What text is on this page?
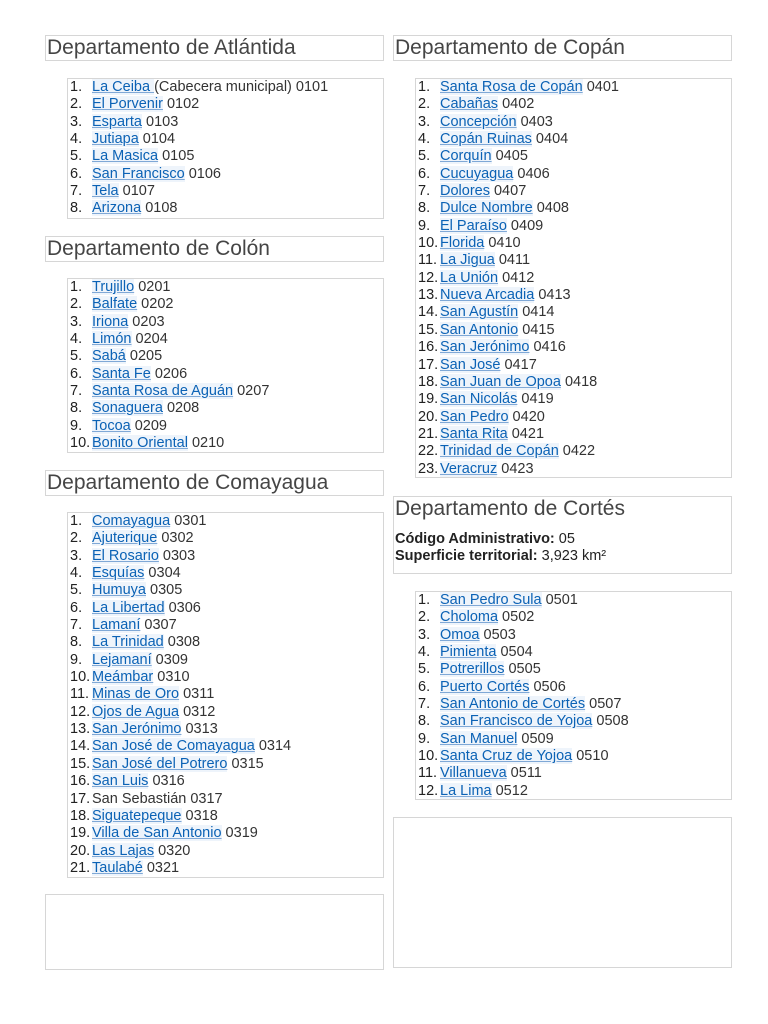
Departamento de Atlántida
1. La Ceiba (Cabecera municipal) 0101
2. El Porvenir 0102
3. Esparta 0103
4. Jutiapa 0104
5. La Masica 0105
6. San Francisco 0106
7. Tela 0107
8. Arizona 0108
Departamento de Colón
1. Trujillo 0201
2. Balfate 0202
3. Iriona 0203
4. Limón 0204
5. Sabá 0205
6. Santa Fe 0206
7. Santa Rosa de Aguán 0207
8. Sonaguera 0208
9. Tocoa 0209
10. Bonito Oriental 0210
Departamento de Comayagua
1. Comayagua 0301
2. Ajuterique 0302
3. El Rosario 0303
4. Esquías 0304
5. Humuya 0305
6. La Libertad 0306
7. Lamaní 0307
8. La Trinidad 0308
9. Lejamaní 0309
10. Meámbar 0310
11. Minas de Oro 0311
12. Ojos de Agua 0312
13. San Jerónimo 0313
14. San José de Comayagua 0314
15. San José del Potrero 0315
16. San Luis 0316
17. San Sebastián 0317
18. Siguatepeque 0318
19. Villa de San Antonio 0319
20. Las Lajas 0320
21. Taulabé 0321
Departamento de Copán
1. Santa Rosa de Copán 0401
2. Cabañas 0402
3. Concepción 0403
4. Copán Ruinas 0404
5. Corquín 0405
6. Cucuyagua 0406
7. Dolores 0407
8. Dulce Nombre 0408
9. El Paraíso 0409
10. Florida 0410
11. La Jigua 0411
12. La Unión 0412
13. Nueva Arcadia 0413
14. San Agustín 0414
15. San Antonio 0415
16. San Jerónimo 0416
17. San José 0417
18. San Juan de Opoa 0418
19. San Nicolás 0419
20. San Pedro 0420
21. Santa Rita 0421
22. Trinidad de Copán 0422
23. Veracruz 0423
Departamento de Cortés
Código Administrativo: 05
Superficie territorial: 3,923 km²
1. San Pedro Sula 0501
2. Choloma 0502
3. Omoa 0503
4. Pimienta 0504
5. Potrerillos 0505
6. Puerto Cortés 0506
7. San Antonio de Cortés 0507
8. San Francisco de Yojoa 0508
9. San Manuel 0509
10. Santa Cruz de Yojoa 0510
11. Villanueva 0511
12. La Lima 0512
